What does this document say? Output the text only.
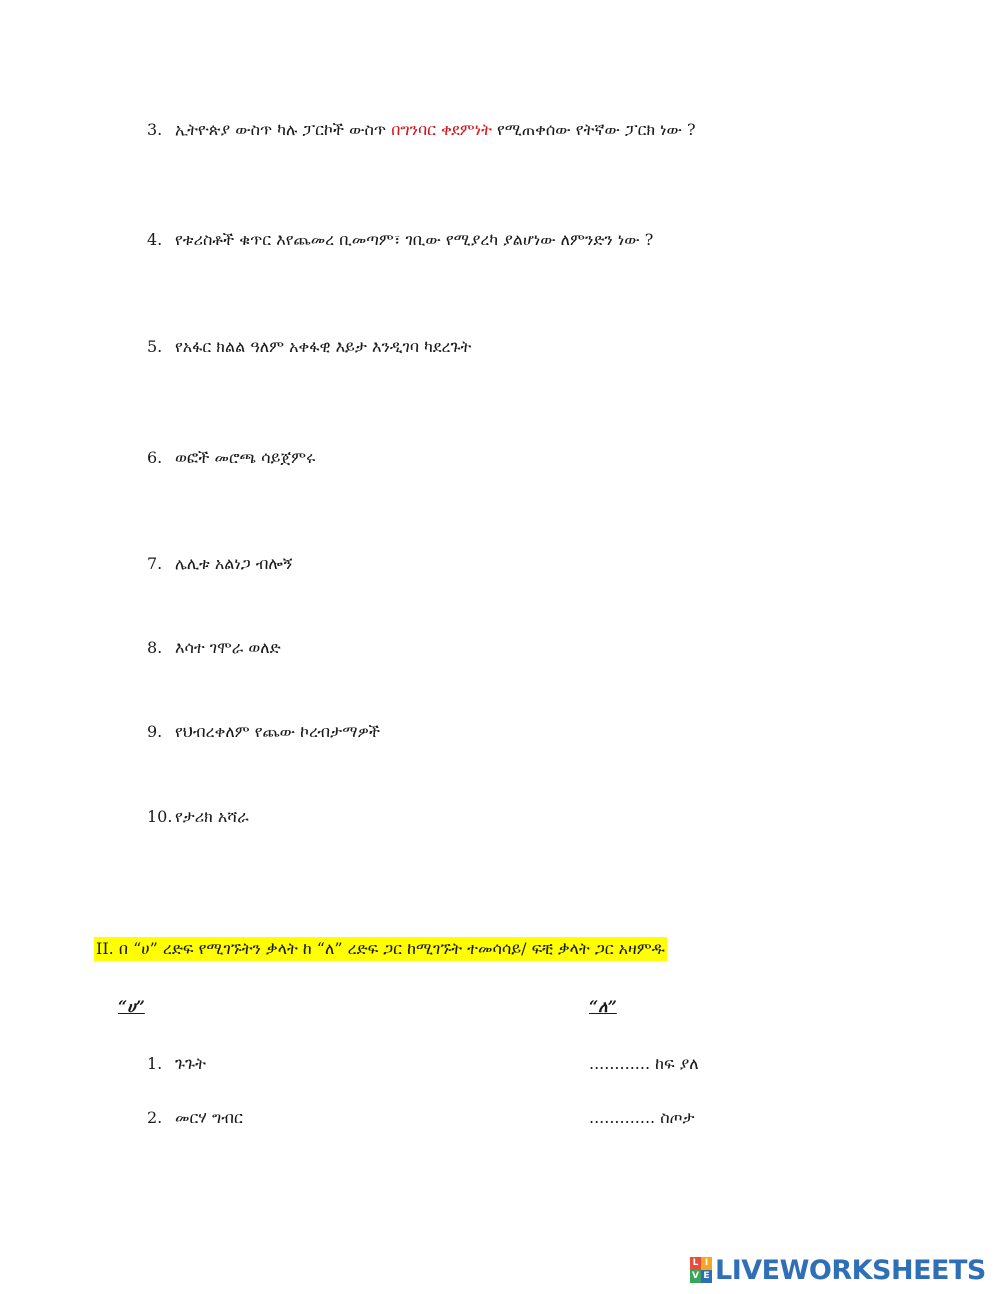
3. ኢትዮጵያ ውስጥ ካሉ ፓርኮች ውስጥ በግንባር ቀደምነት የሚጠቀሰው የትኛው ፓርክ ነው ?
4. የቱሪስቶች ቁጥር እየጨመረ ቢመጣም፣ ገቢው የሚያረካ ያልሆነው ለምንድን ነው ?
5. የአፋር ክልል ዓለም አቀፋዊ እይታ እንዲገባ ካደረጉት
6. ወፎች መሮጫ ሳይጀምሩ
7. ሌሊቱ አልነጋ ብሎኝ
8. እሳተ ገሞራ ወለድ
9. የህብረቀለም የጨው ኮረብታማዎች
10. የታሪክ አሻራ
II. በ “ሀ” ረድፍ የሚገኙትን ቃላት ከ “ለ” ረድፍ ጋር ከሚገኙት ተመሳሳይ/ ፍቺ ቃላት ጋር አዛምዱ
“ሀ”	“ለ”
1. ጉጉት
2. መርሃ ግብር
............ ከፍ ያለ
............. ስጦታ
L I
V E LIVEWORKSHEETS
